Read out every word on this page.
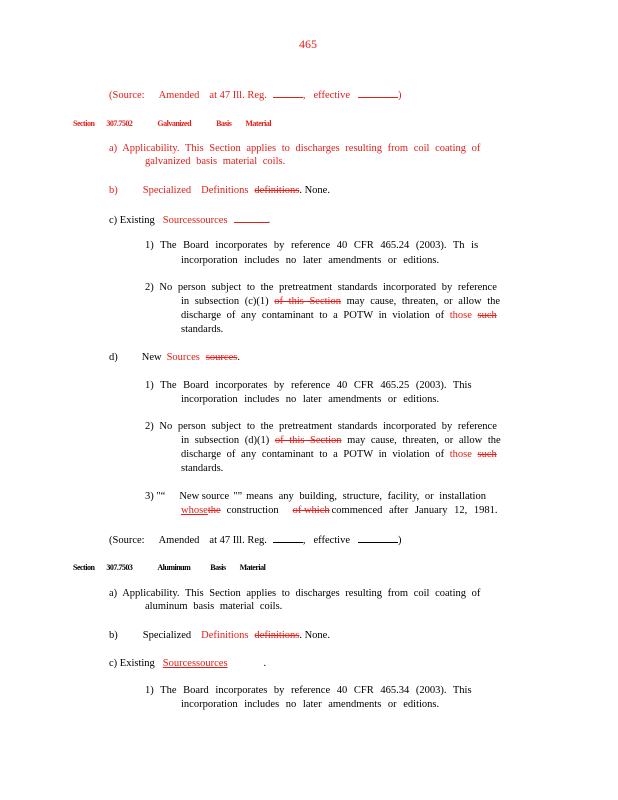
465
(Source: Amended at 47 Ill. Reg.	, effective	)
Section 307.7502	Galvanized	Basis Material
a) Applicability. This Section applies to discharges resulting from coil coating of
galvanized basis material coils.
b) Specialized Definitions definitions. None.
c) Existing Sourcessources	.
1) The Board incorporates by reference 40 CFR 465.24 (2003). Th is
incorporation includes no later amendments or editions.
2) No person subject to the pretreatment standards incorporated by reference
in subsection (c)(1) of this Section may cause, threaten, or allow the
discharge of any contaminant to a POTW in violation of those such
standards.
d) New Sources sources.
1) The Board incorporates by reference 40 CFR 465.25 (2003). This
incorporation includes no later amendments or editions.
2) No person subject to the pretreatment standards incorporated by reference
in subsection (d)(1) of this Section may cause, threaten, or allow the
discharge of any contaminant to a POTW in violation of those such
standards.
3) "“ New source "” means any building, structure, facility, or installation
whosethe construction of which commenced after January 12, 1981.
(Source: Amended at 47 Ill. Reg.	, effective	)
Section 307.7503	Aluminum	Basis Material
a) Applicability. This Section applies to discharges resulting from coil coating of
aluminum basis material coils.
b) Specialized Definitions definitions. None.
c) Existing Sourcessources	.
1) The Board incorporates by reference 40 CFR 465.34 (2003). This
incorporation includes no later amendments or editions.
